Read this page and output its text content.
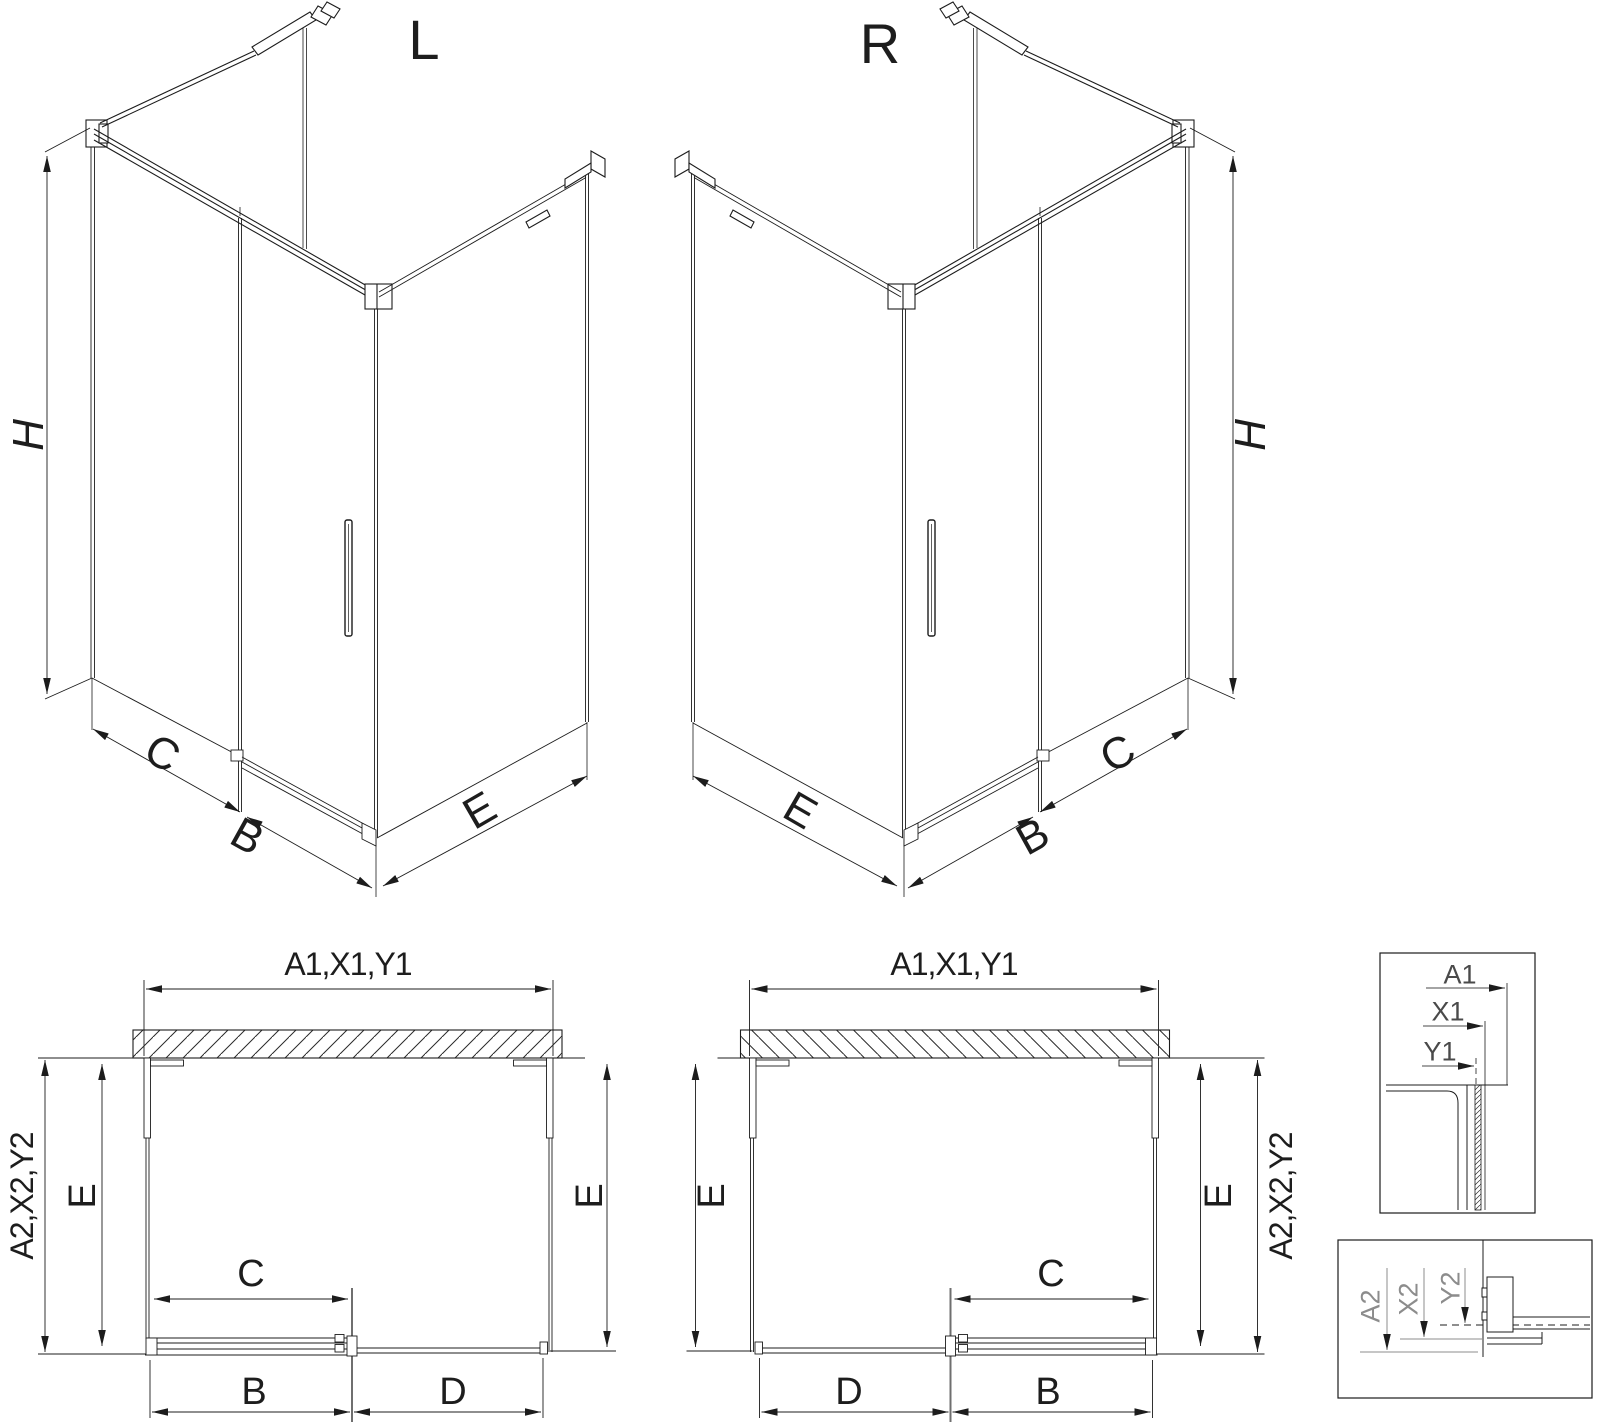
L
H
C
B	E
R
H
C
B
E
A1,X1,Y1
A2,X2,Y2 E	E
C
B	D
A1,X1,Y1
A2,X2,Y2
E	E
C
B
D
A1
X1
Y1
A2 X2 Y2
